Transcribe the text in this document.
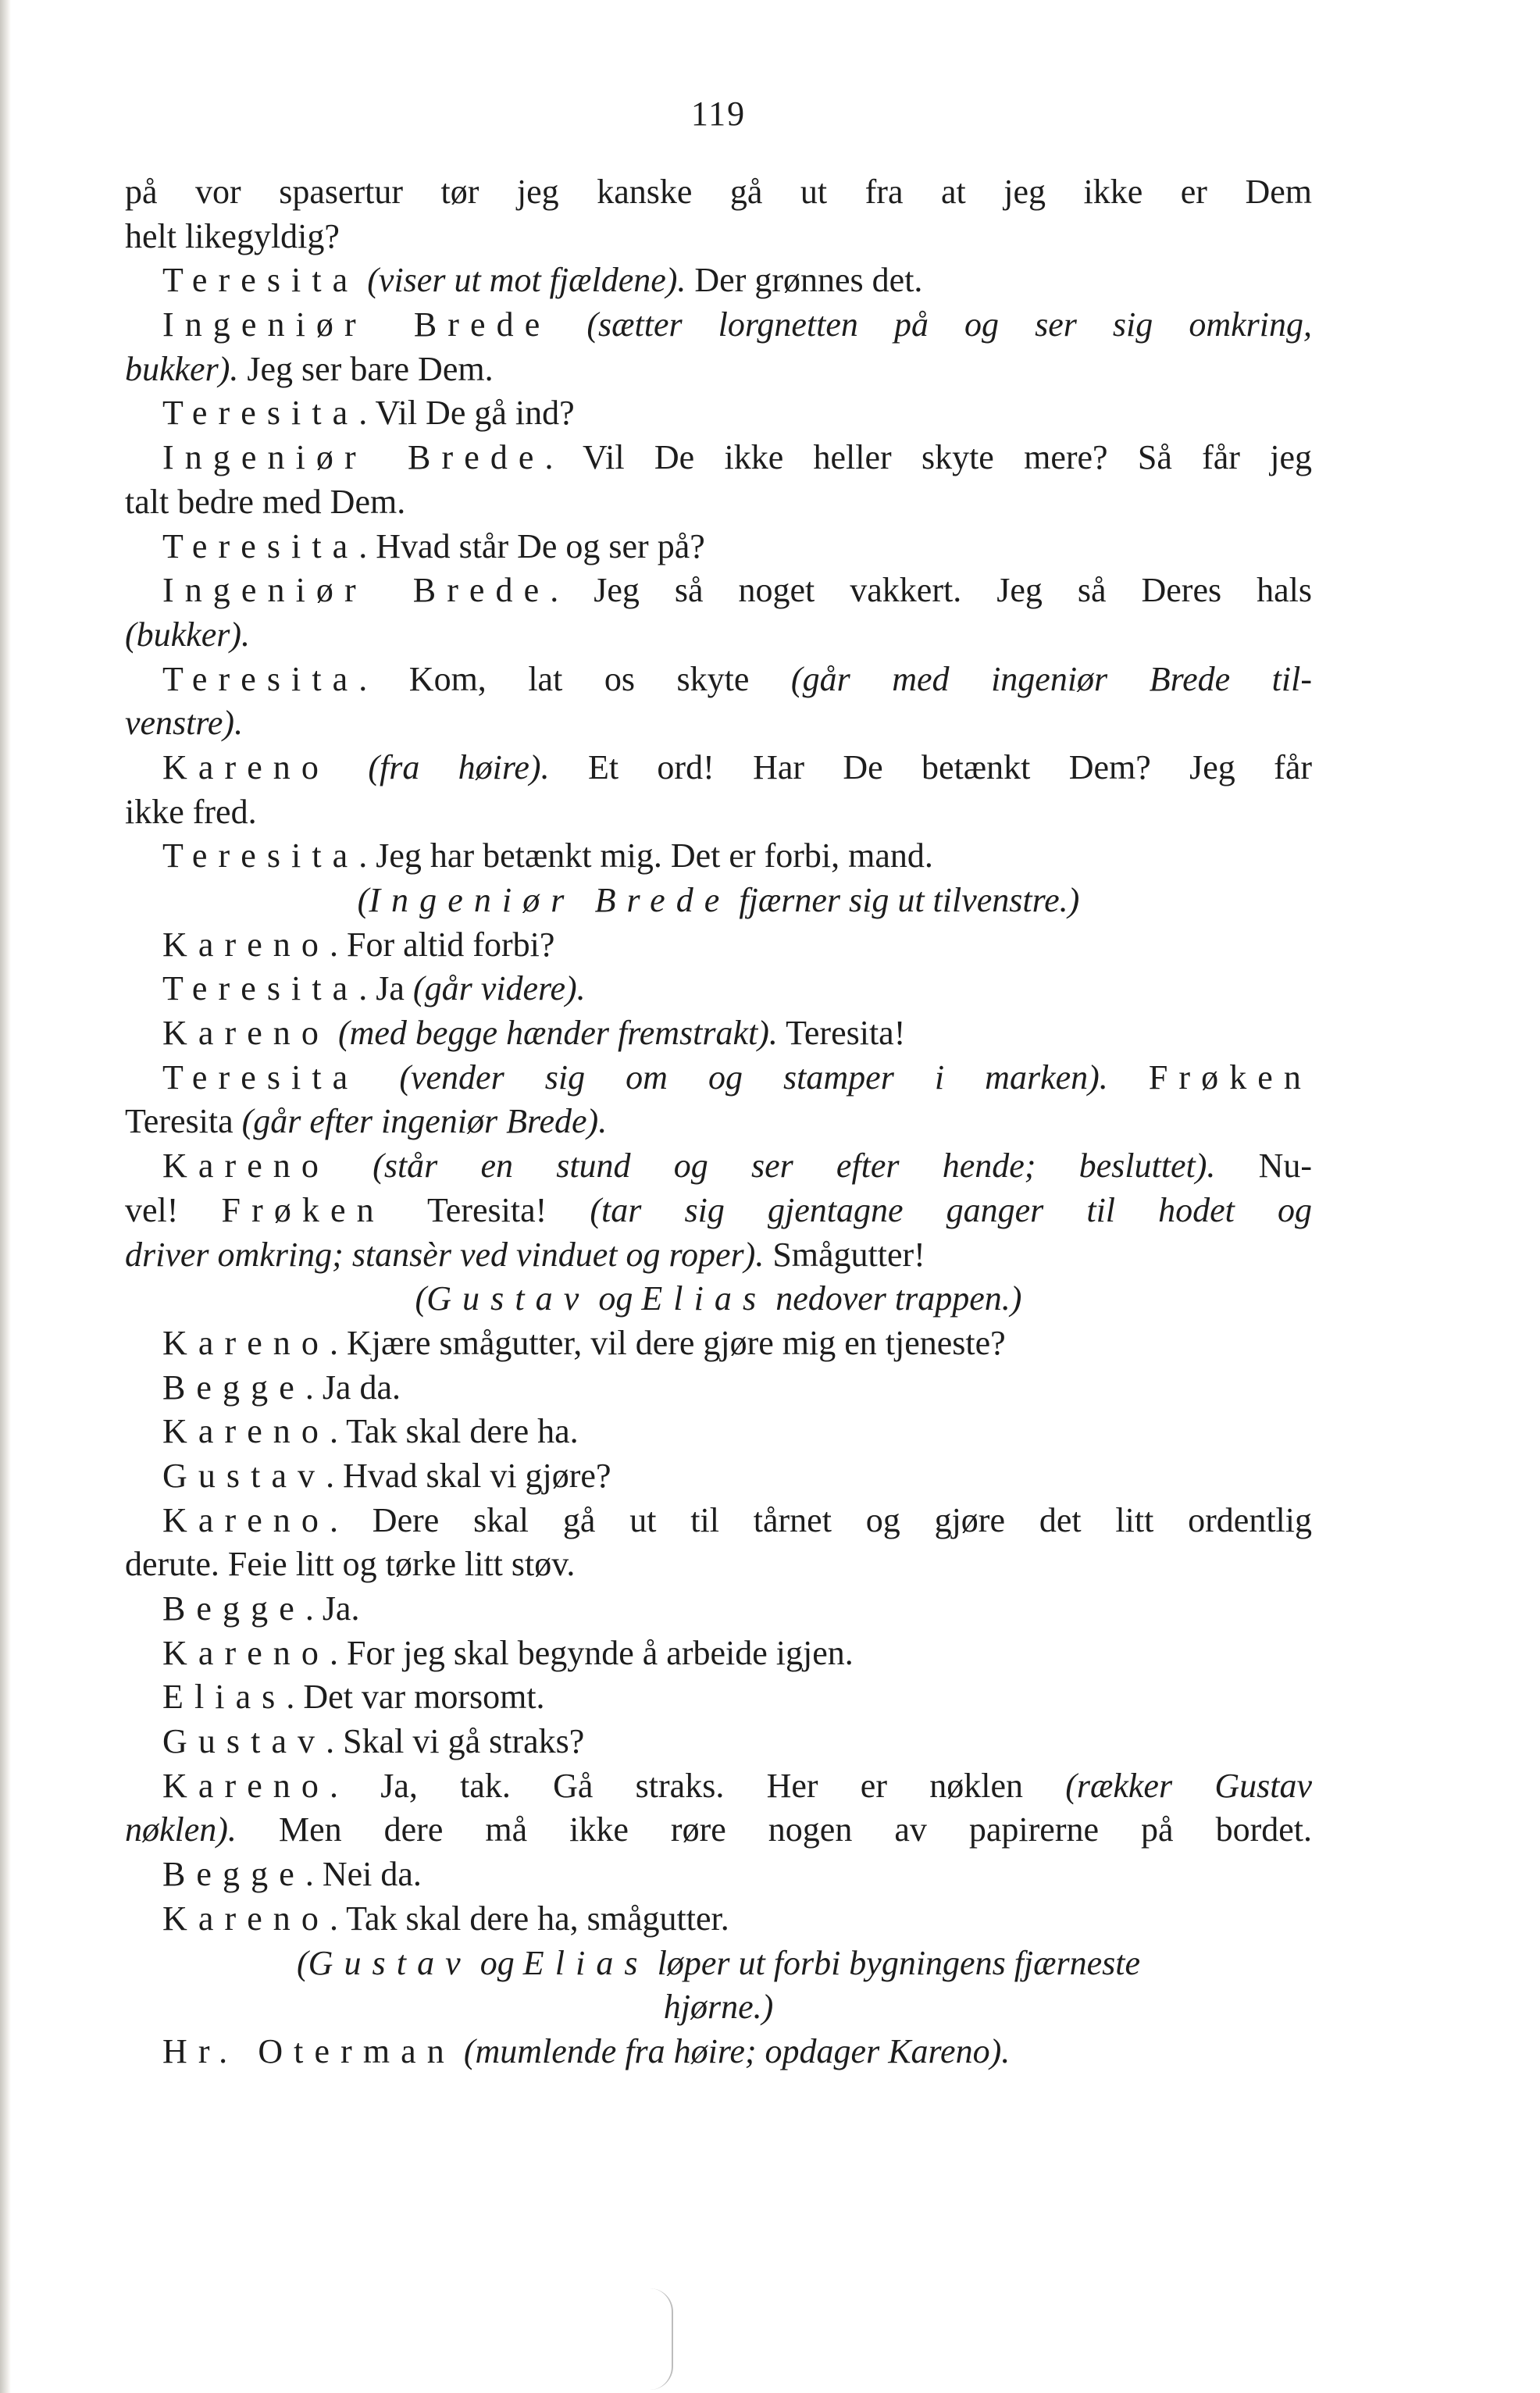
119
på vor spasertur tør jeg kanske gå ut fra at jeg ikke er Dem
helt likegyldig?
Teresita (viser ut mot fjældene). Der grønnes det.
Ingeniør Brede (sætter lorgnetten på og ser sig omkring,
bukker). Jeg ser bare Dem.
Teresita. Vil De gå ind?
Ingeniør Brede. Vil De ikke heller skyte mere? Så får jeg
talt bedre med Dem.
Teresita. Hvad står De og ser på?
Ingeniør Brede. Jeg så noget vakkert. Jeg så Deres hals
(bukker).
Teresita. Kom, lat os skyte (går med ingeniør Brede til-
venstre).
Kareno (fra høire). Et ord! Har De betænkt Dem? Jeg får
ikke fred.
Teresita. Jeg har betænkt mig. Det er forbi, mand.
(Ingeniør Brede fjærner sig ut tilvenstre.)
Kareno. For altid forbi?
Teresita. Ja (går videre).
Kareno (med begge hænder fremstrakt). Teresita!
Teresita (vender sig om og stamper i marken). Frøken
Teresita (går efter ingeniør Brede).
Kareno (står en stund og ser efter hende; besluttet). Nu-
vel! Frøken Teresita! (tar sig gjentagne ganger til hodet og
driver omkring; stansèr ved vinduet og roper). Smågutter!
(Gustav og Elias nedover trappen.)
Kareno. Kjære smågutter, vil dere gjøre mig en tjeneste?
Begge. Ja da.
Kareno. Tak skal dere ha.
Gustav. Hvad skal vi gjøre?
Kareno. Dere skal gå ut til tårnet og gjøre det litt ordentlig
derute. Feie litt og tørke litt støv.
Begge. Ja.
Kareno. For jeg skal begynde å arbeide igjen.
Elias. Det var morsomt.
Gustav. Skal vi gå straks?
Kareno. Ja, tak. Gå straks. Her er nøklen (rækker Gustav
nøklen). Men dere må ikke røre nogen av papirerne på bordet.
Begge. Nei da.
Kareno. Tak skal dere ha, smågutter.
(Gustav og Elias løper ut forbi bygningens fjærneste
hjørne.)
Hr. Oterman (mumlende fra høire; opdager Kareno).
